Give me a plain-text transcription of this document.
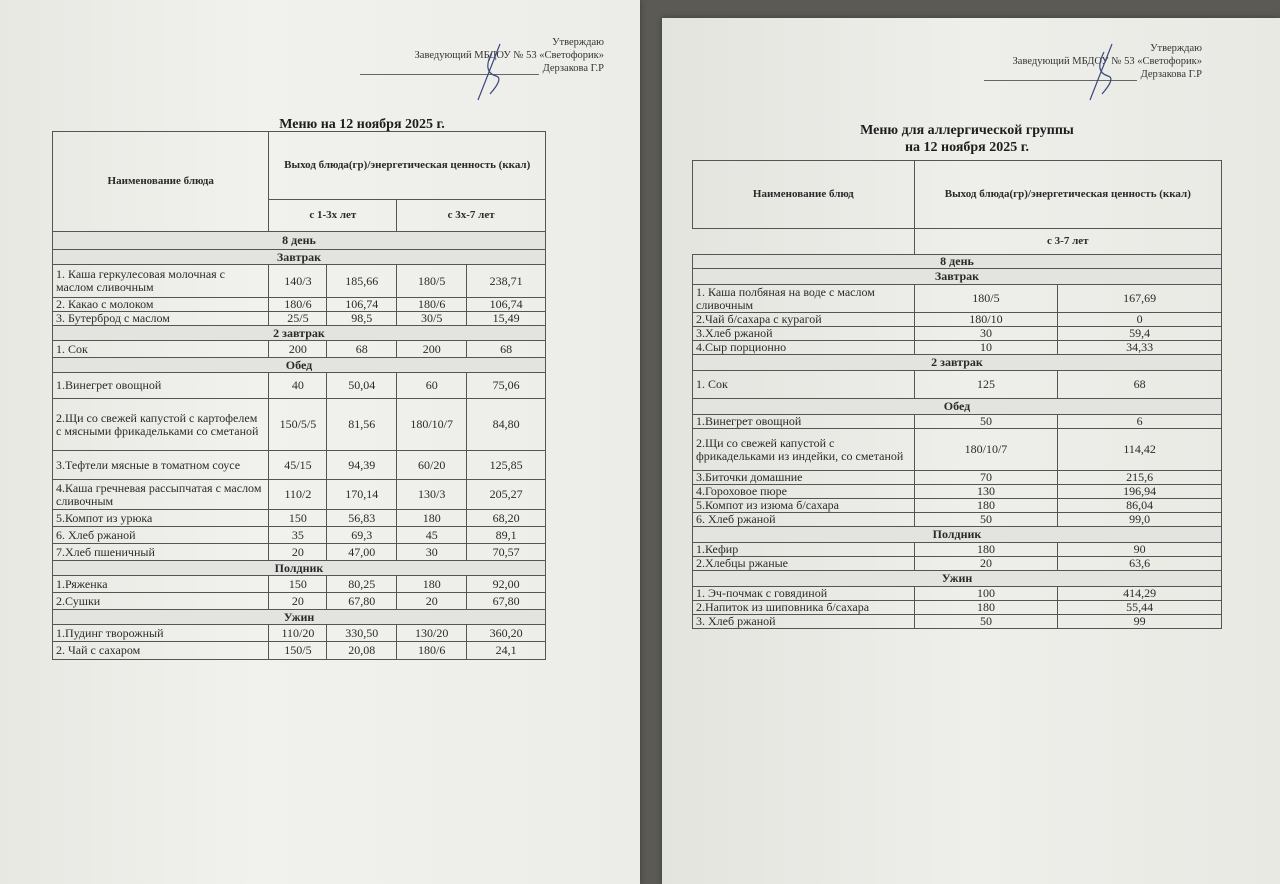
Утверждаю
Заведующий МБДОУ № 53 «Светофорик»
Дерзакова Г.Р
Меню на 12 ноября 2025 г.
Наименование блюда	Выход блюда(гр)/энергетическая ценность (ккал)			
	с 1-3х лет		с 3х-7 лет	
8 день				
Завтрак				
1. Каша геркулесовая молочная с маслом сливочным	140/3	185,66	180/5	238,71
2. Какао с молоком	180/6	106,74	180/6	106,74
3. Бутерброд с маслом	25/5	98,5	30/5	15,49
2 завтрак				
1. Сок	200	68	200	68
Обед				
1.Винегрет овощной	40	50,04	60	75,06
2.Щи со свежей капустой с картофелем с мясными фрикадельками со сметаной	150/5/5	81,56	180/10/7	84,80
3.Тефтели мясные в томатном соусе	45/15	94,39	60/20	125,85
4.Каша гречневая рассыпчатая с маслом сливочным	110/2	170,14	130/3	205,27
5.Компот из урюка	150	56,83	180	68,20
6. Хлеб ржаной	35	69,3	45	89,1
7.Хлеб пшеничный	20	47,00	30	70,57
Полдник				
1.Ряженка	150	80,25	180	92,00
2.Сушки	20	67,80	20	67,80
Ужин				
1.Пудинг творожный	110/20	330,50	130/20	360,20
2. Чай с сахаром	150/5	20,08	180/6	24,1
Утверждаю
Заведующий МБДОУ № 53 «Светофорик»
Дерзакова Г.Р
Меню для аллергической группы
на 12 ноября 2025 г.
Наименование блюд	Выход блюда(гр)/энергетическая ценность (ккал)	
	с 3-7 лет	
8 день		
Завтрак		
1. Каша полбяная на воде с маслом сливочным	180/5	167,69
2.Чай б/сахара с курагой	180/10	0
3.Хлеб ржаной	30	59,4
4.Сыр порционно	10	34,33
2 завтрак		
1. Сок	125	68
Обед		
1.Винегрет овощной	50	6
2.Щи со свежей капустой с фрикадельками из индейки, со сметаной	180/10/7	114,42
3.Биточки домашние	70	215,6
4.Гороховое пюре	130	196,94
5.Компот из изюма б/сахара	180	86,04
6. Хлеб ржаной	50	99,0
Полдник		
1.Кефир	180	90
2.Хлебцы ржаные	20	63,6
Ужин		
1. Эч-почмак с говядиной	100	414,29
2.Напиток из шиповника б/сахара	180	55,44
3. Хлеб ржаной	50	99
